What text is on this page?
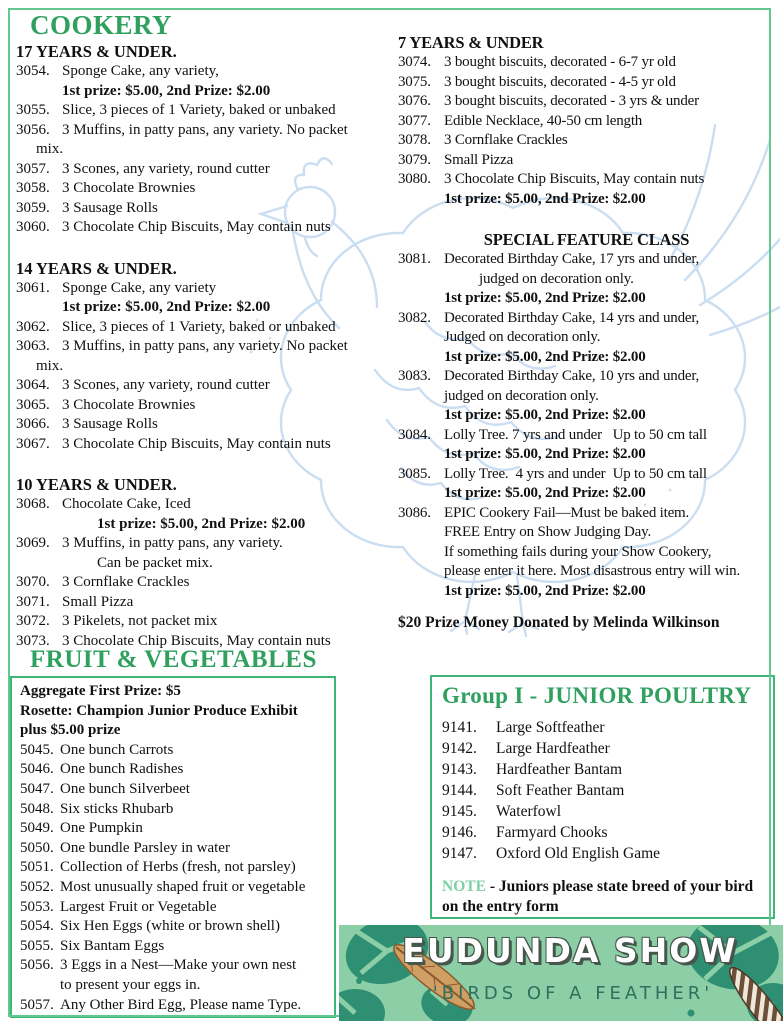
COOKERY
17 YEARS & UNDER.
3054. Sponge Cake, any variety,
1st prize: $5.00, 2nd Prize: $2.00
3055. Slice, 3 pieces of 1 Variety, baked or unbaked
3056. 3 Muffins, in patty pans, any variety. No packet
mix.
3057. 3 Scones, any variety, round cutter
3058. 3 Chocolate Brownies
3059. 3 Sausage Rolls
3060. 3 Chocolate Chip Biscuits, May contain nuts
14 YEARS & UNDER.
3061. Sponge Cake, any variety
1st prize: $5.00, 2nd Prize: $2.00
3062. Slice, 3 pieces of 1 Variety, baked or unbaked
3063. 3 Muffins, in patty pans, any variety. No packet
mix.
3064. 3 Scones, any variety, round cutter
3065. 3 Chocolate Brownies
3066. 3 Sausage Rolls
3067. 3 Chocolate Chip Biscuits, May contain nuts
10 YEARS & UNDER.
3068. Chocolate Cake, Iced
1st prize: $5.00, 2nd Prize: $2.00
3069. 3 Muffins, in patty pans, any variety.
Can be packet mix.
3070. 3 Cornflake Crackles
3071. Small Pizza
3072. 3 Pikelets, not packet mix
3073. 3 Chocolate Chip Biscuits, May contain nuts
7 YEARS & UNDER
3074. 3 bought biscuits, decorated - 6-7 yr old
3075. 3 bought biscuits, decorated - 4-5 yr old
3076. 3 bought biscuits, decorated - 3 yrs & under
3077. Edible Necklace, 40-50 cm length
3078. 3 Cornflake Crackles
3079. Small Pizza
3080. 3 Chocolate Chip Biscuits, May contain nuts
1st prize: $5.00, 2nd Prize: $2.00
SPECIAL FEATURE CLASS
3081. Decorated Birthday Cake, 17 yrs and under,
judged on decoration only.
1st prize: $5.00, 2nd Prize: $2.00
3082. Decorated Birthday Cake, 14 yrs and under,
Judged on decoration only.
1st prize: $5.00, 2nd Prize: $2.00
3083. Decorated Birthday Cake, 10 yrs and under,
judged on decoration only.
1st prize: $5.00, 2nd Prize: $2.00
3084. Lolly Tree. 7 yrs and under   Up to 50 cm tall
1st prize: $5.00, 2nd Prize: $2.00
3085. Lolly Tree.  4 yrs and under  Up to 50 cm tall
1st prize: $5.00, 2nd Prize: $2.00
3086. EPIC Cookery Fail—Must be baked item.
FREE Entry on Show Judging Day.
If something fails during your Show Cookery,
please enter it here. Most disastrous entry will win.
1st prize: $5.00, 2nd Prize: $2.00
$20 Prize Money Donated by Melinda Wilkinson
FRUIT & VEGETABLES
Aggregate First Prize: $5
Rosette: Champion Junior Produce Exhibit
plus $5.00 prize
5045. One bunch Carrots
5046. One bunch Radishes
5047. One bunch Silverbeet
5048. Six sticks Rhubarb
5049. One Pumpkin
5050. One bundle Parsley in water
5051. Collection of Herbs (fresh, not parsley)
5052. Most unusually shaped fruit or vegetable
5053. Largest Fruit or Vegetable
5054. Six Hen Eggs (white or brown shell)
5055. Six Bantam Eggs
5056. 3 Eggs in a Nest—Make your own nest
to present your eggs in.
5057. Any Other Bird Egg, Please name Type.
Group I - JUNIOR POULTRY
9141.	Large Softfeather
9142.	Large Hardfeather
9143.	Hardfeather Bantam
9144.	Soft Feather Bantam
9145.	Waterfowl
9146.	Farmyard Chooks
9147.	Oxford Old English Game
NOTE - Juniors please state breed of your bird on the entry form
EUDUNDA SHOW
'BIRDS OF A FEATHER'
